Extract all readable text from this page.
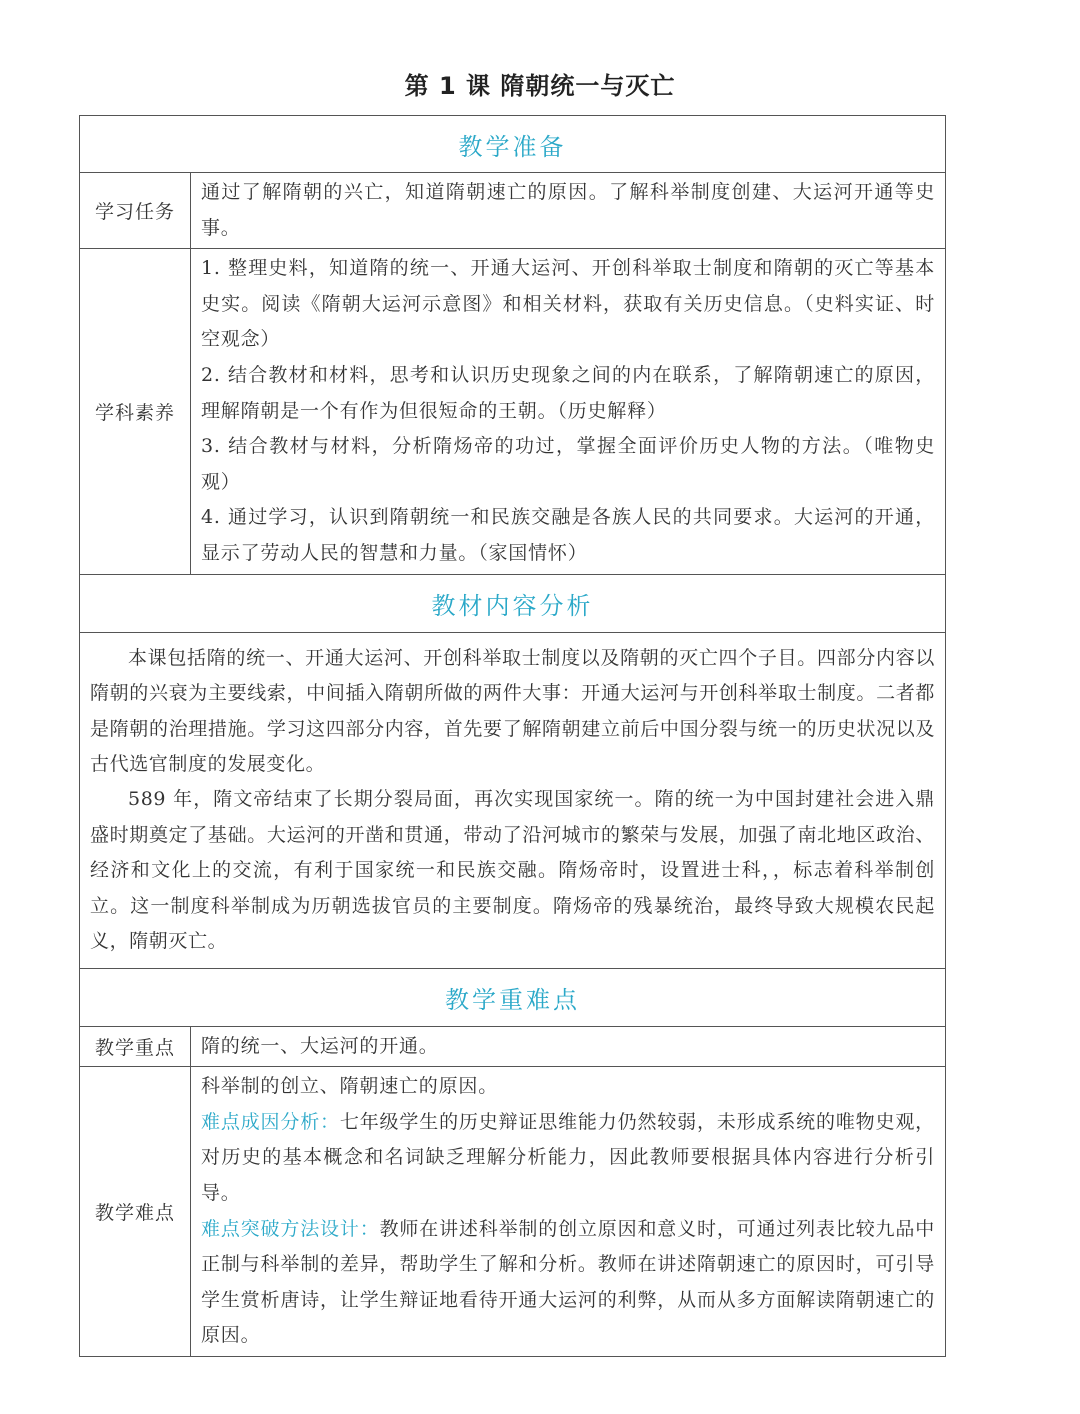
第 1 课 隋朝统一与灭亡
教学准备	
学习任务	通过了解隋朝的兴亡，知道隋朝速亡的原因。了解科举制度创建、大运河开通等史事。
学科素养	1. 整理史料，知道隋的统一、开通大运河、开创科举取士制度和隋朝的灭亡等基本史实。阅读《隋朝大运河示意图》和相关材料，获取有关历史信息。（史料实证、时空观念）
2. 结合教材和材料，思考和认识历史现象之间的内在联系，了解隋朝速亡的原因，理解隋朝是一个有作为但很短命的王朝。（历史解释）
3. 结合教材与材料，分析隋炀帝的功过，掌握全面评价历史人物的方法。（唯物史观）
4. 通过学习，认识到隋朝统一和民族交融是各族人民的共同要求。大运河的开通，显示了劳动人民的智慧和力量。（家国情怀）

教材内容分析	

本课包括隋的统一、开通大运河、开创科举取士制度以及隋朝的灭亡四个子目。四部分内容以隋朝的兴衰为主要线索，中间插入隋朝所做的两件大事：开通大运河与开创科举取士制度。二者都是隋朝的治理措施。学习这四部分内容，首先要了解隋朝建立前后中国分裂与统一的历史状况以及古代选官制度的发展变化。

589 年，隋文帝结束了长期分裂局面，再次实现国家统一。隋的统一为中国封建社会进入鼎盛时期奠定了基础。大运河的开凿和贯通，带动了沿河城市的繁荣与发展，加强了南北地区政治、经济和文化上的交流，有利于国家统一和民族交融。隋炀帝时，设置进士科，，标志着科举制创立。这一制度科举制成为历朝选拔官员的主要制度。隋炀帝的残暴统治，最终导致大规模农民起义，隋朝灭亡。	

教学重难点	
教学重点	隋的统一、大运河的开通。
教学难点	科举制的创立、隋朝速亡的原因。
难点成因分析：七年级学生的历史辩证思维能力仍然较弱，未形成系统的唯物史观，对历史的基本概念和名词缺乏理解分析能力，因此教师要根据具体内容进行分析引导。
难点突破方法设计：教师在讲述科举制的创立原因和意义时，可通过列表比较九品中正制与科举制的差异，帮助学生了解和分析。教师在讲述隋朝速亡的原因时，可引导学生赏析唐诗，让学生辩证地看待开通大运河的利弊，从而从多方面解读隋朝速亡的原因。
